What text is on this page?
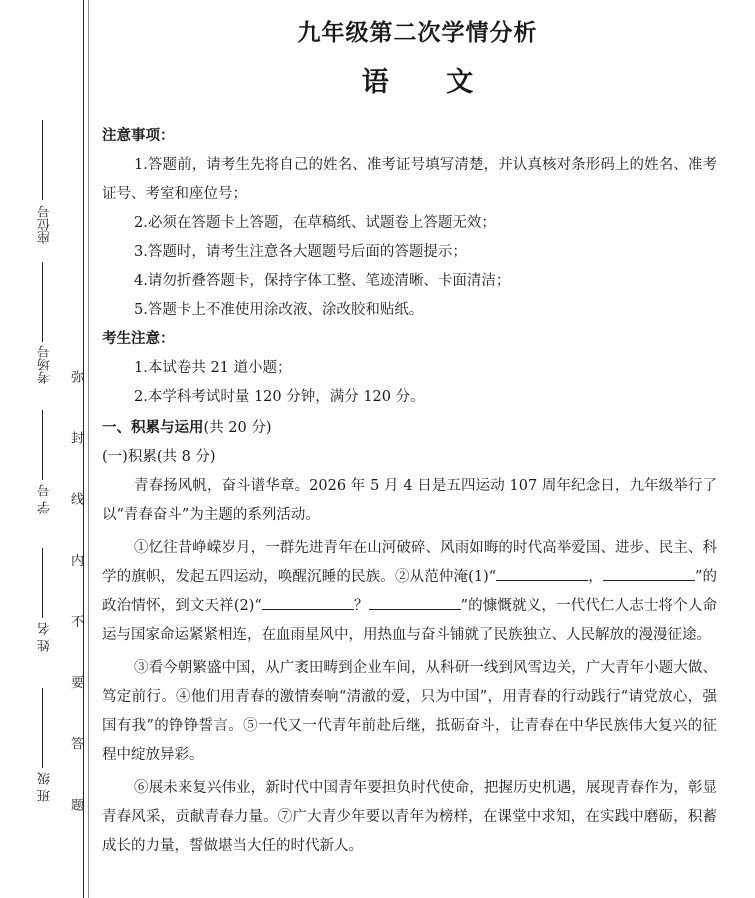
座位号
考场号
学 号
姓 名
班 级 弥 封 线 内 不 要 答 题
九年级第二次学情分析
语 文

注意事项：

1.答题前，请考生先将自己的姓名、准考证号填写清楚，并认真核对条形码上的姓名、准考证号、考室和座位号；

2.必须在答题卡上答题，在草稿纸、试题卷上答题无效；

3.答题时，请考生注意各大题题号后面的答题提示；

4.请勿折叠答题卡，保持字体工整、笔迹清晰、卡面清洁；

5.答题卡上不准使用涂改液、涂改胶和贴纸。

考生注意：

1.本试卷共 21 道小题；

2.本学科考试时量 120 分钟，满分 120 分。

一、积累与运用(共 20 分)

(一)积累(共 8 分)

青春扬风帆，奋斗谱华章。2026 年 5 月 4 日是五四运动 107 周年纪念日，九年级举行了以“青春奋斗”为主题的系列活动。

①忆往昔峥嵘岁月，一群先进青年在山河破碎、风雨如晦的时代高举爱国、进步、民主、科学的旗帜，发起五四运动，唤醒沉睡的民族。②从范仲淹(1)“	，	”的政治情怀，到文天祥(2)“	？	”的慷慨就义，一代代仁人志士将个人命运与国家命运紧紧相连，在血雨星风中，用热血与奋斗铺就了民族独立、人民解放的漫漫征途。

③看今朝繁盛中国，从广袤田畴到企业车间，从科研一线到风雪边关，广大青年小题大做、笃定前行。④他们用青春的激情奏响“清澈的爱，只为中国”，用青春的行动践行“请党放心，强国有我”的铮铮誓言。⑤一代又一代青年前赴后继，抵砺奋斗，让青春在中华民族伟大复兴的征程中绽放异彩。

⑥展未来复兴伟业，新时代中国青年要担负时代使命，把握历史机遇，展现青春作为，彰显青春风采，贡献青春力量。⑦广大青少年要以青年为榜样，在课堂中求知，在实践中磨砺，积蓄成长的力量，誓做堪当大任的时代新人。
